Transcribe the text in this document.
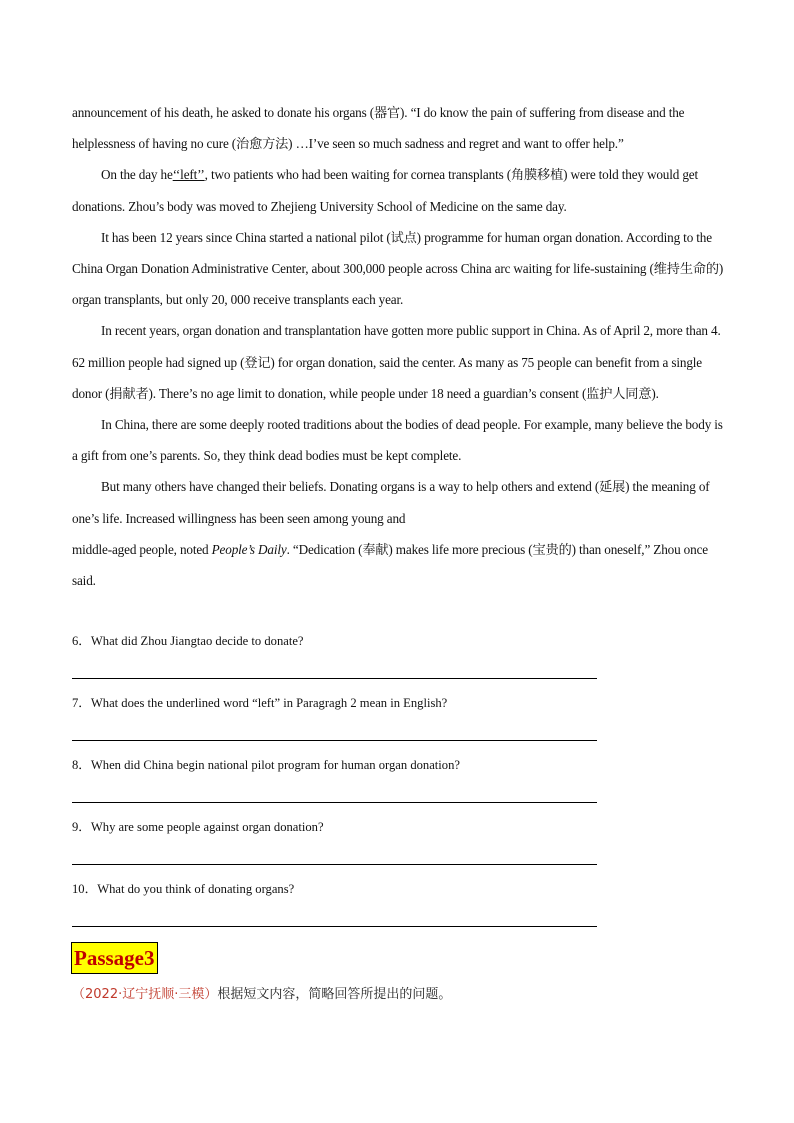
announcement of his death, he asked to donate his organs (器官). “I do know the pain of suffering from disease and the helplessness of having no cure (治愈方法) …I’ve seen so much sadness and regret and want to offer help.”

On the day he‘‘left’’, two patients who had been waiting for cornea transplants (角膜移植) were told they would get donations. Zhou’s body was moved to Zhejieng University School of Medicine on the same day.

It has been 12 years since China started a national pilot (试点) programme for human organ donation. According to the China Organ Donation Administrative Center, about 300,000 people across China arc waiting for life-sustaining (维持生命的) organ transplants, but only 20, 000 receive transplants each year.

In recent years, organ donation and transplantation have gotten more public support in China. As of April 2, more than 4. 62 million people had signed up (登记) for organ donation, said the center. As many as 75 people can benefit from a single donor (捐献者). There’s no age limit to donation, while people under 18 need a guardian’s consent (监护人同意).

In China, there are some deeply rooted traditions about the bodies of dead people. For example, many believe the body is a gift from one’s parents. So, they think dead bodies must be kept complete.

But many others have changed their beliefs. Donating organs is a way to help others and extend (延展) the meaning of one’s life. Increased willingness has been seen among young and

middle-aged people, noted People’s Daily. “Dedication (奉献) makes life more precious (宝贵的) than oneself,” Zhou once said.

6．What did Zhou Jiangtao decide to donate?
7．What does the underlined word “left” in Paragragh 2 mean in English?
8．When did China begin national pilot program for human organ donation?
9．Why are some people against organ donation?
10．What do you think of donating organs?
Passage3
（2022·辽宁抚顺·三模）根据短文内容，简略回答所提出的问题。
